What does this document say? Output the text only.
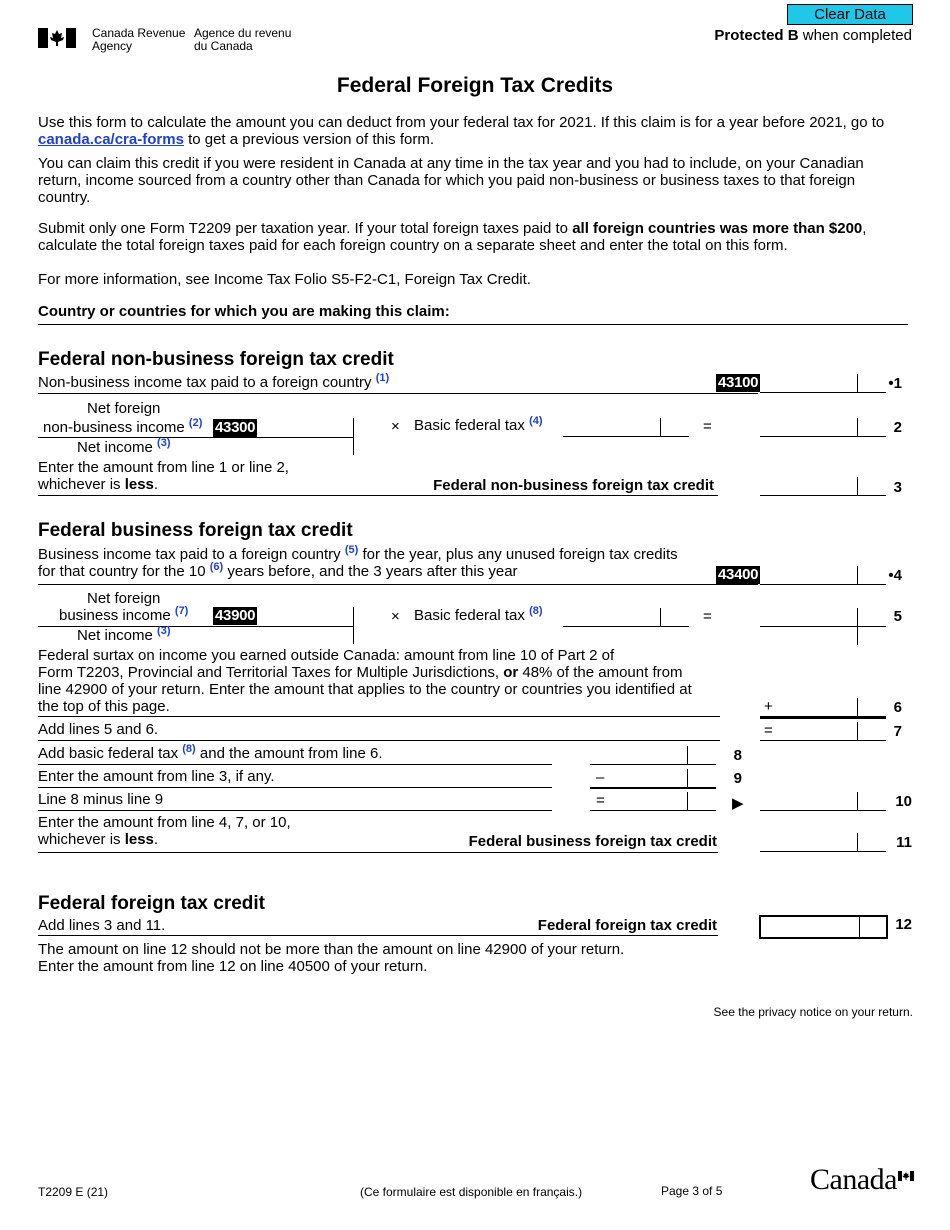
Canada Revenue
Agency
Agence du revenu
du Canada
Clear Data
Protected B when completed
Federal Foreign Tax Credits
Use this form to calculate the amount you can deduct from your federal tax for 2021. If this claim is for a year before 2021, go to canada.ca/cra-forms to get a previous version of this form.
You can claim this credit if you were resident in Canada at any time in the tax year and you had to include, on your Canadian return, income sourced from a country other than Canada for which you paid non-business or business taxes to that foreign country.
Submit only one Form T2209 per taxation year. If your total foreign taxes paid to all foreign countries was more than $200, calculate the total foreign taxes paid for each foreign country on a separate sheet and enter the total on this form.
For more information, see Income Tax Folio S5-F2-C1, Foreign Tax Credit.
Country or countries for which you are making this claim:
Federal non-business foreign tax credit
Non-business income tax paid to a foreign country $^{(1)}$	43100	•1
Net foreign
non-business income $^{(2)}$ 43300
Net income $^{(3)}$
× Basic federal tax $^{(4)}$	=	2
Enter the amount from line 1 or line 2,
whichever is less.	Federal non-business foreign tax credit	3
Federal business foreign tax credit
Business income tax paid to a foreign country $^{(5)}$ for the year, plus any unused foreign tax credits
for that country for the 10 $^{(6)}$ years before, and the 3 years after this year	43400	•4
Net foreign
business income $^{(7)}$ 43900
Net income $^{(3)}$
× Basic federal tax $^{(8)}$	=	5
Federal surtax on income you earned outside Canada: amount from line 10 of Part 2 of
Form T2203, Provincial and Territorial Taxes for Multiple Jurisdictions, or 48% of the amount from
line 42900 of your return. Enter the amount that applies to the country or countries you identified at
the top of this page.	+	6
Add lines 5 and 6.	=	7
Add basic federal tax $^{(8)}$ and the amount from line 6.	8
Enter the amount from line 3, if any.	–	9
Line 8 minus line 9	=	▶	10
Enter the amount from line 4, 7, or 10,
whichever is less.	Federal business foreign tax credit	11
Federal foreign tax credit
Add lines 3 and 11.	Federal foreign tax credit	12
The amount on line 12 should not be more than the amount on line 42900 of your return.
Enter the amount from line 12 on line 40500 of your return.
See the privacy notice on your return.
T2209 E (21)	(Ce formulaire est disponible en français.)	Page 3 of 5	Canada
